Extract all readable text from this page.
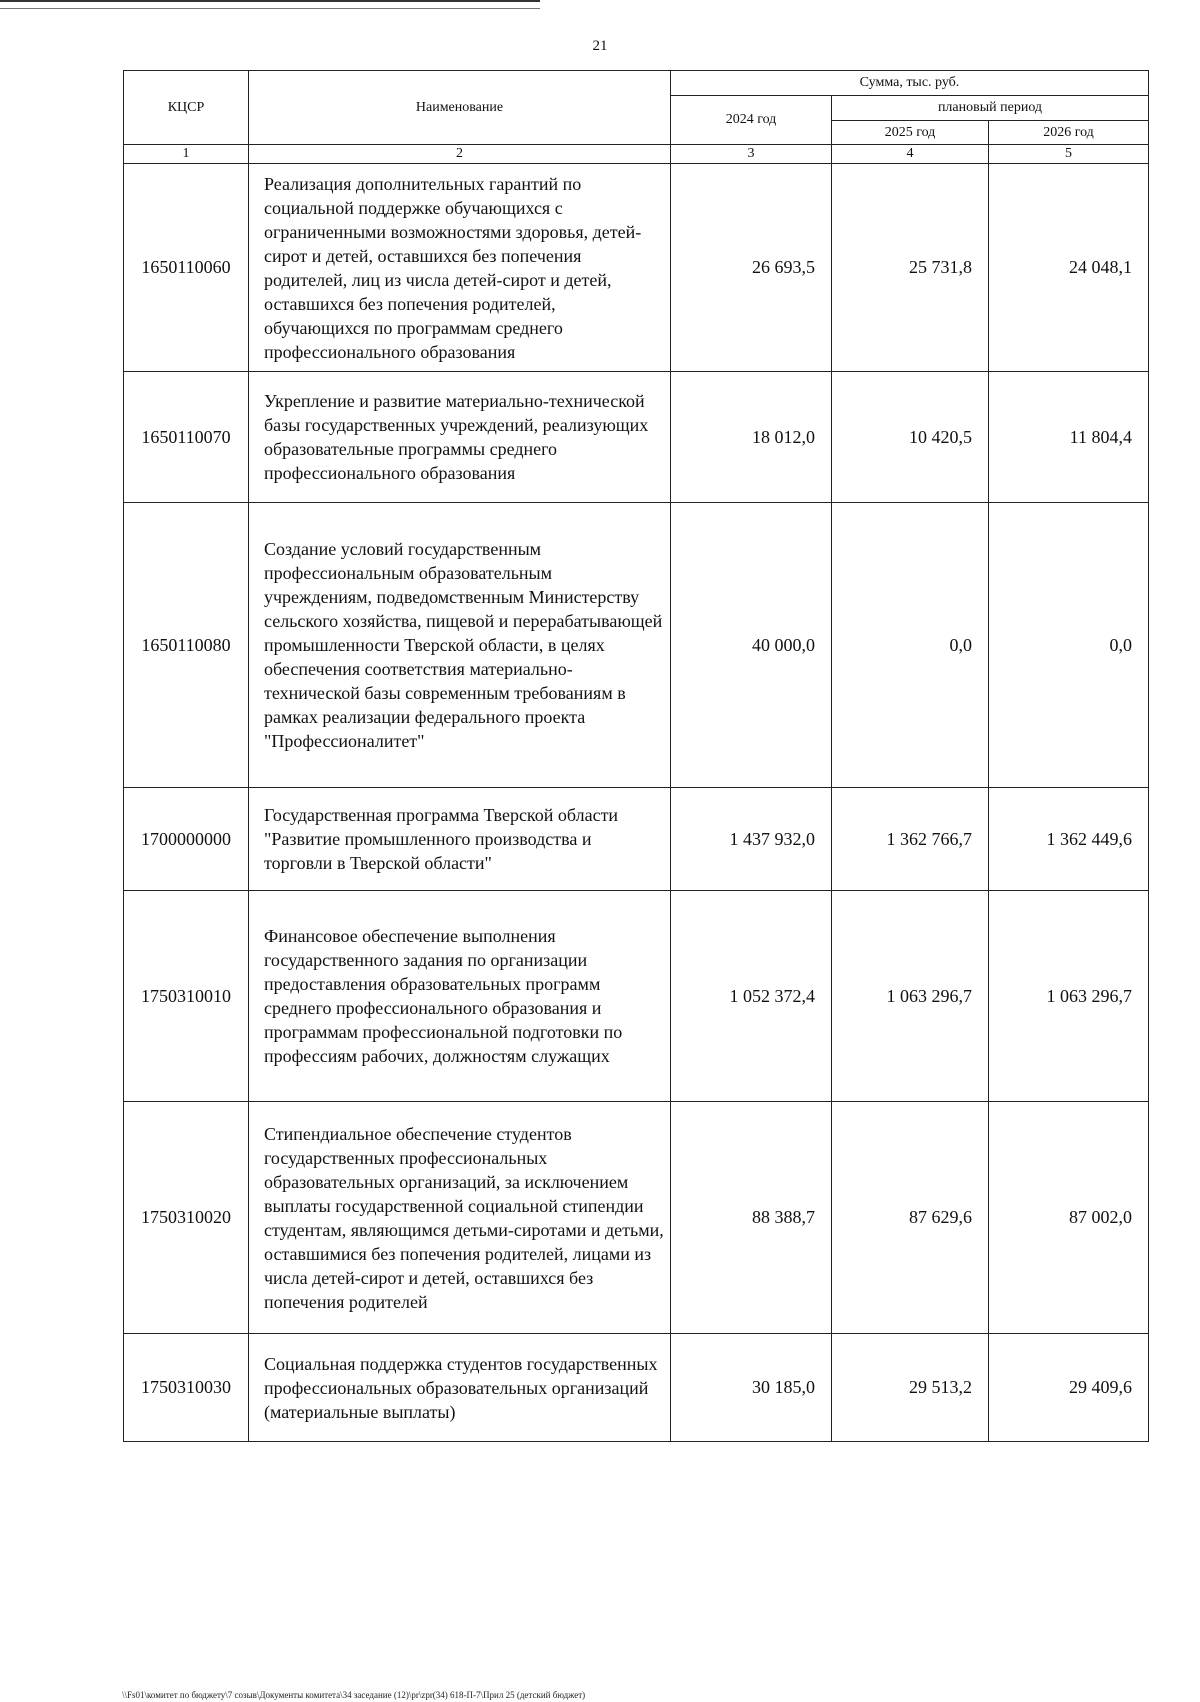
21
КЦСР	Наименование	Сумма, тыс. руб.		
		2024 год	плановый период	
			2025 год	2026 год
1	2	3	4	5
1650110060	Реализация дополнительных гарантий по социальной поддержке обучающихся с ограниченными возможностями здоровья, детей-сирот и детей, оставшихся без попечения родителей, лиц из числа детей-сирот и детей, оставшихся без попечения родителей, обучающихся по программам среднего профессионального образования	26 693,5	25 731,8	24 048,1
1650110070	Укрепление и развитие материально-технической базы государственных учреждений, реализующих образовательные программы среднего профессионального образования	18 012,0	10 420,5	11 804,4
1650110080	Создание условий государственным профессиональным образовательным учреждениям, подведомственным Министерству сельского хозяйства, пищевой и перерабатывающей промышленности Тверской области, в целях обеспечения соответствия материально-технической базы современным требованиям в рамках реализации федерального проекта "Профессионалитет"	40 000,0	0,0	0,0
1700000000	Государственная программа Тверской области "Развитие промышленного производства и торговли в Тверской области"	1 437 932,0	1 362 766,7	1 362 449,6
1750310010	Финансовое обеспечение выполнения государственного задания по организации предоставления образовательных программ среднего профессионального образования и программам профессиональной подготовки по профессиям рабочих, должностям служащих	1 052 372,4	1 063 296,7	1 063 296,7
1750310020	Стипендиальное обеспечение студентов государственных профессиональных образовательных организаций, за исключением выплаты государственной социальной стипендии студентам, являющимся детьми-сиротами и детьми, оставшимися без попечения родителей, лицами из числа детей-сирот и детей, оставшихся без попечения родителей	88 388,7	87 629,6	87 002,0
1750310030	Социальная поддержка студентов государственных профессиональных образовательных организаций (материальные выплаты)	30 185,0	29 513,2	29 409,6
\\Fs01\комитет по бюджету\7 созыв\Документы комитета\34 заседание (12)\pr\zpr(34) 618-П-7\Прил 25 (детский бюджет)
